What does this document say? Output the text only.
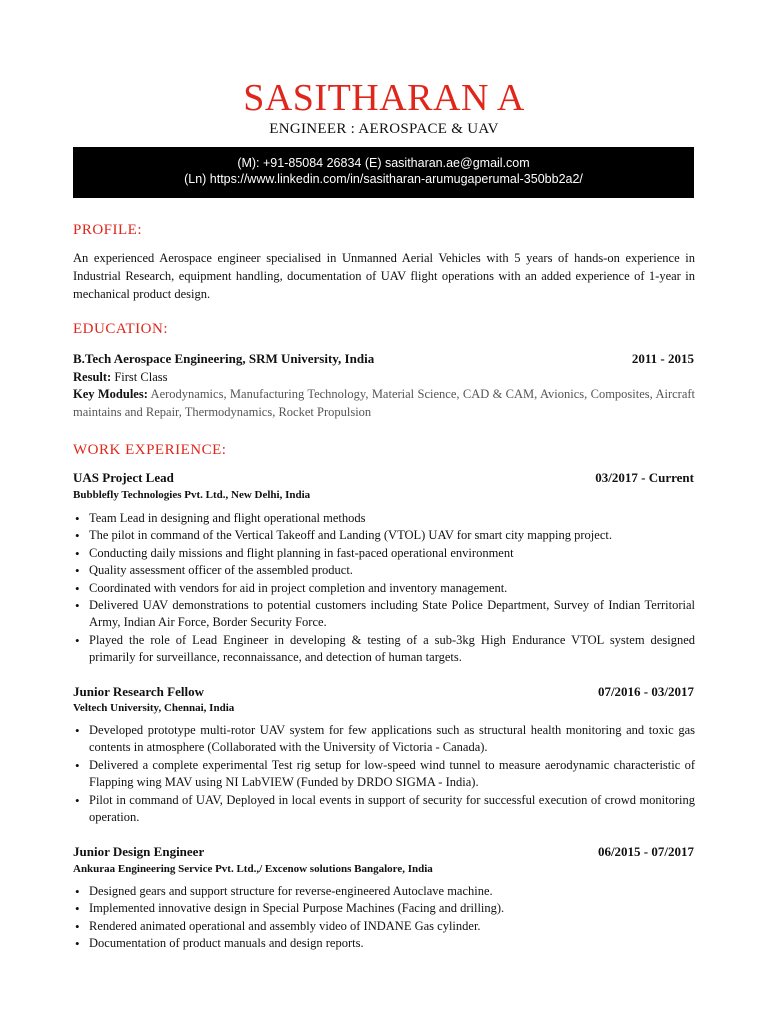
SASITHARAN A
ENGINEER : AEROSPACE & UAV
(M): +91-85084 26834 (E) sasitharan.ae@gmail.com
(Ln) https://www.linkedin.com/in/sasitharan-arumugaperumal-350bb2a2/
PROFILE:
An experienced Aerospace engineer specialised in Unmanned Aerial Vehicles with 5 years of hands-on experience in Industrial Research, equipment handling, documentation of UAV flight operations with an added experience of 1-year in mechanical product design.
EDUCATION:
B.Tech Aerospace Engineering, SRM University, India	2011 - 2015
Result: First Class
Key Modules: Aerodynamics, Manufacturing Technology, Material Science, CAD & CAM, Avionics, Composites, Aircraft maintains and Repair, Thermodynamics, Rocket Propulsion
WORK EXPERIENCE:
UAS Project Lead	03/2017 - Current
Bubblefly Technologies Pvt. Ltd., New Delhi, India
• Team Lead in designing and flight operational methods
• The pilot in command of the Vertical Takeoff and Landing (VTOL) UAV for smart city mapping project.
• Conducting daily missions and flight planning in fast-paced operational environment
• Quality assessment officer of the assembled product.
• Coordinated with vendors for aid in project completion and inventory management.
• Delivered UAV demonstrations to potential customers including State Police Department, Survey of Indian Territorial Army, Indian Air Force, Border Security Force.
• Played the role of Lead Engineer in developing & testing of a sub-3kg High Endurance VTOL system designed primarily for surveillance, reconnaissance, and detection of human targets.
Junior Research Fellow	07/2016 - 03/2017
Veltech University, Chennai, India
• Developed prototype multi-rotor UAV system for few applications such as structural health monitoring and toxic gas contents in atmosphere (Collaborated with the University of Victoria - Canada).
• Delivered a complete experimental Test rig setup for low-speed wind tunnel to measure aerodynamic characteristic of Flapping wing MAV using NI LabVIEW (Funded by DRDO SIGMA - India).
• Pilot in command of UAV, Deployed in local events in support of security for successful execution of crowd monitoring operation.
Junior Design Engineer	06/2015 - 07/2017
Ankuraa Engineering Service Pvt. Ltd.,/ Excenow solutions Bangalore, India
• Designed gears and support structure for reverse-engineered Autoclave machine.
• Implemented innovative design in Special Purpose Machines (Facing and drilling).
• Rendered animated operational and assembly video of INDANE Gas cylinder.
• Documentation of product manuals and design reports.
